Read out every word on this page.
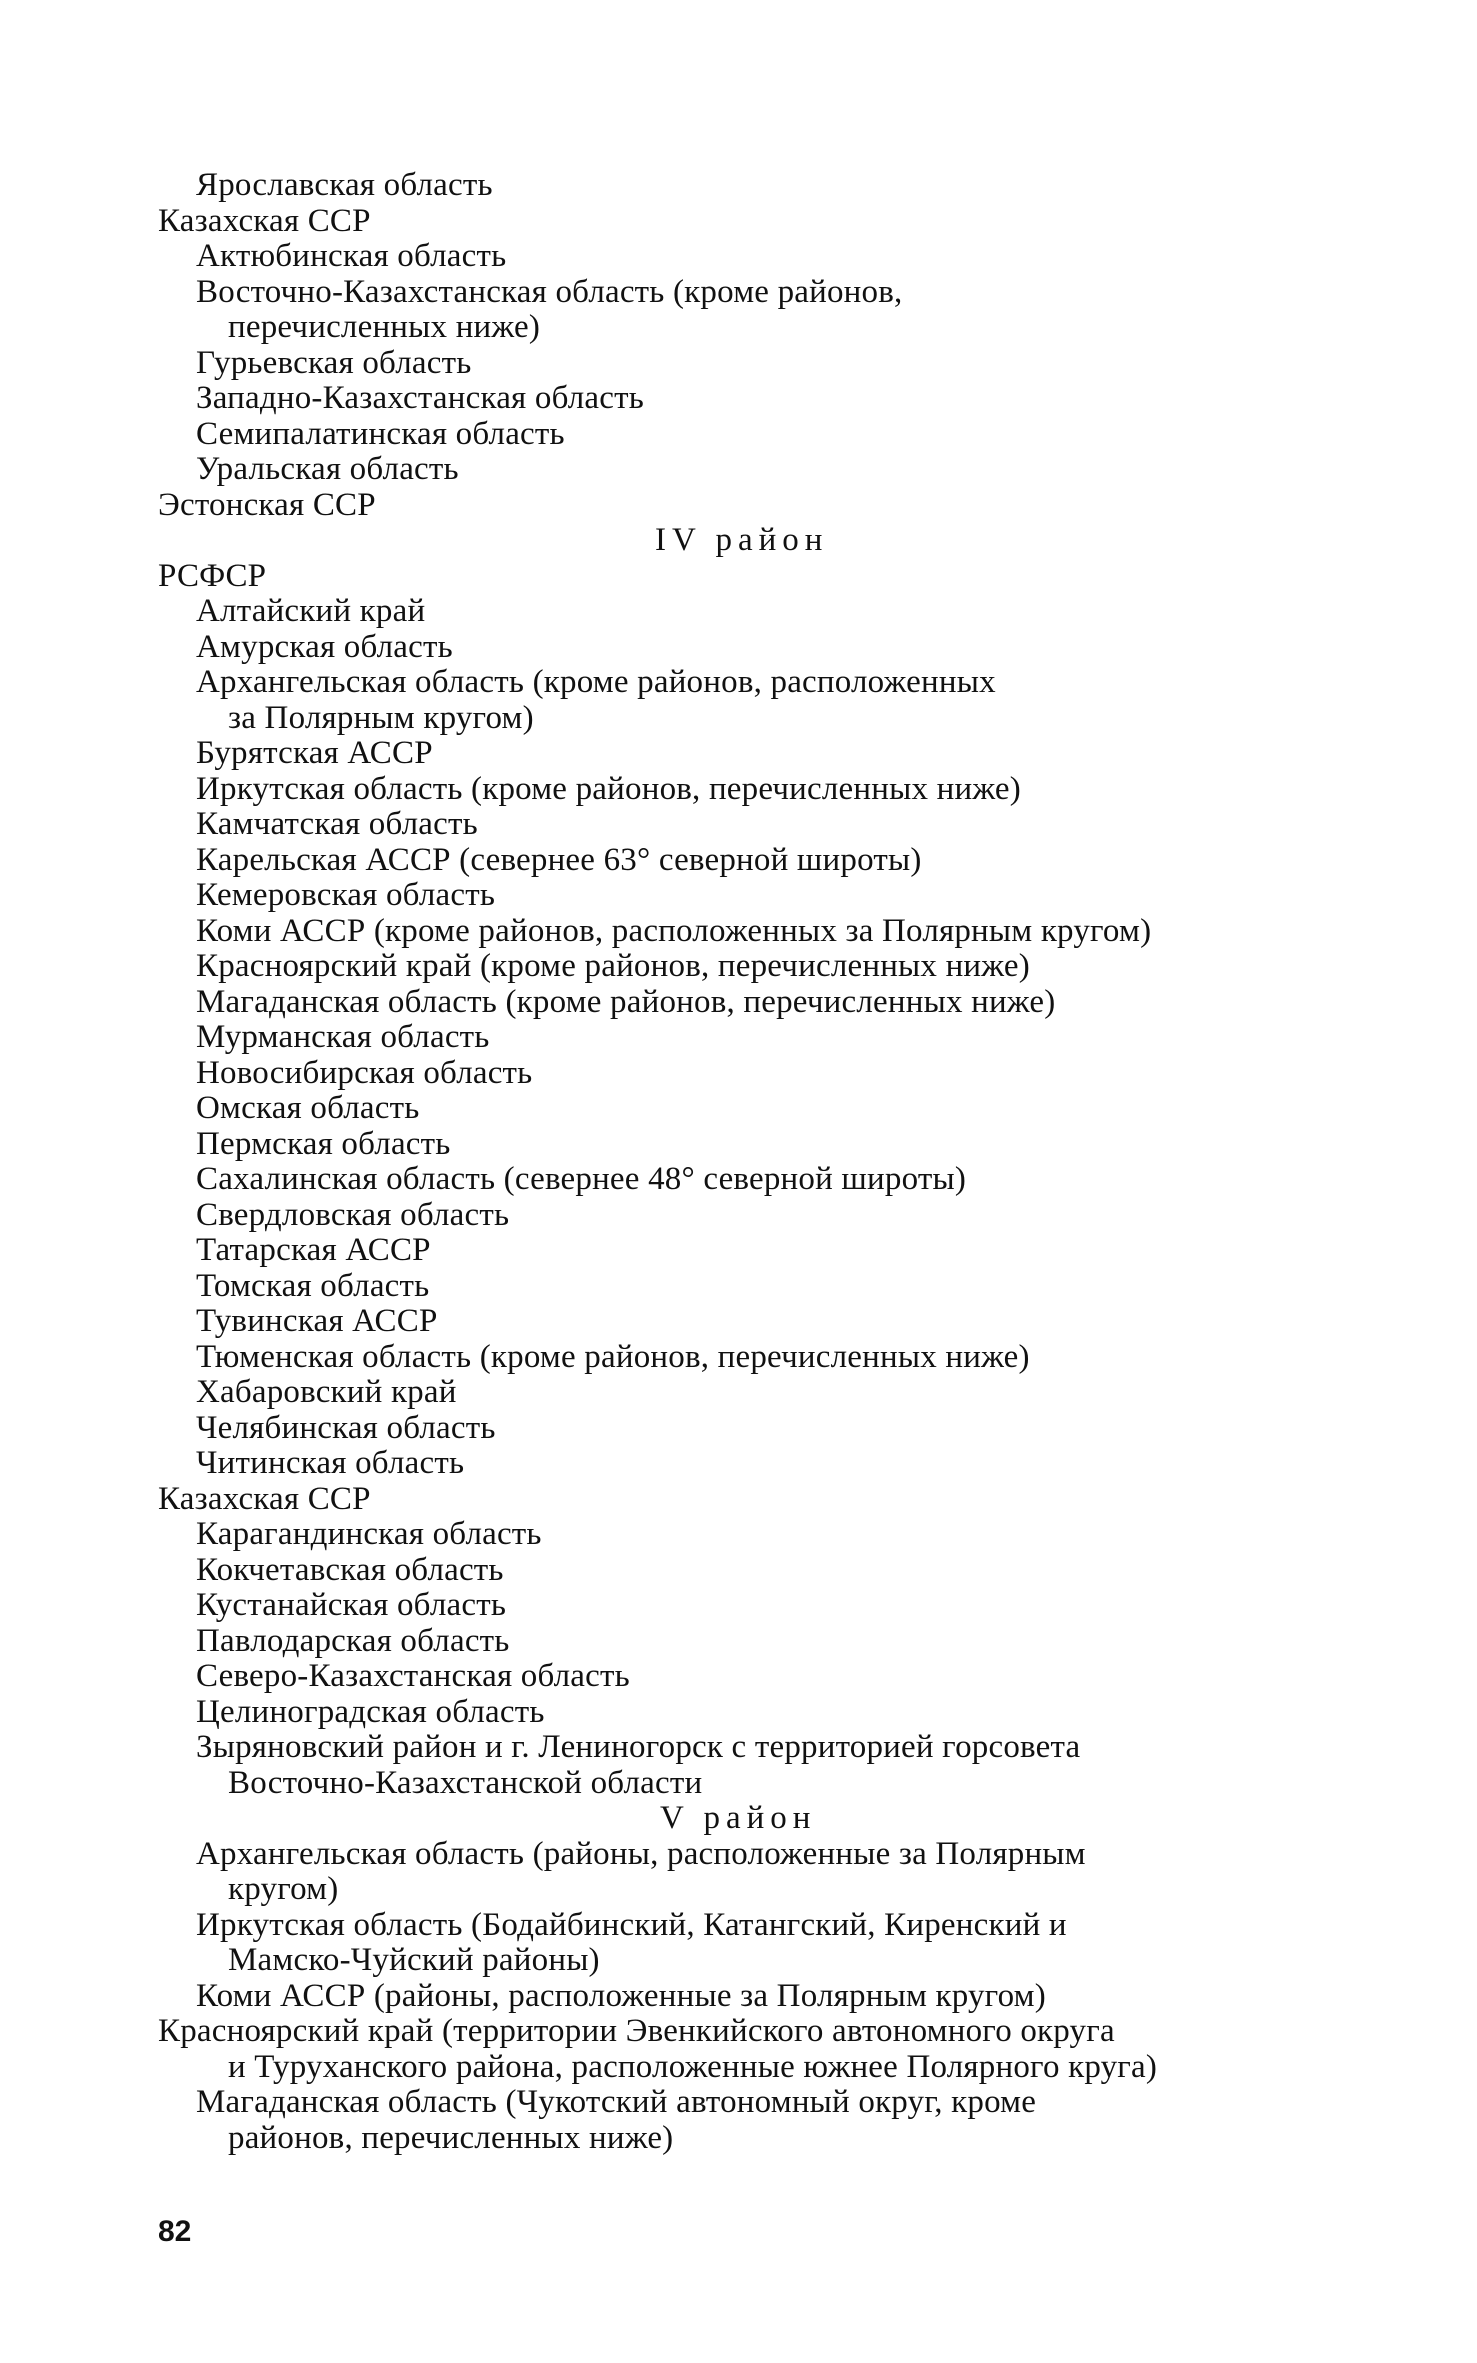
Ярославская область
Казахская ССР
Актюбинская область
Восточно-Казахстанская область (кроме районов,
перечисленных ниже)
Гурьевская область
Западно-Казахстанская область
Семипалатинская область
Уральская область
Эстонская ССР
IV район
РСФСР
Алтайский край
Амурская область
Архангельская область (кроме районов, расположенных
за Полярным кругом)
Бурятская АССР
Иркутская область (кроме районов, перечисленных ниже)
Камчатская область
Карельская АССР (севернее 63° северной широты)
Кемеровская область
Коми АССР (кроме районов, расположенных за Полярным кругом)
Красноярский край (кроме районов, перечисленных ниже)
Магаданская область (кроме районов, перечисленных ниже)
Мурманская область
Новосибирская область
Омская область
Пермская область
Сахалинская область (севернее 48° северной широты)
Свердловская область
Татарская АССР
Томская область
Тувинская АССР
Тюменская область (кроме районов, перечисленных ниже)
Хабаровский край
Челябинская область
Читинская область
Казахская ССР
Карагандинская область
Кокчетавская область
Кустанайская область
Павлодарская область
Северо-Казахстанская область
Целиноградская область
Зыряновский район и г. Лениногорск с территорией горсовета
Восточно-Казахстанской области
V район
Архангельская область (районы, расположенные за Полярным
кругом)
Иркутская область (Бодайбинский, Катангский, Киренский и
Мамско-Чуйский районы)
Коми АССР (районы, расположенные за Полярным кругом)
Красноярский край (территории Эвенкийского автономного округа
и Туруханского района, расположенные южнее Полярного круга)
Магаданская область (Чукотский автономный округ, кроме
районов, перечисленных ниже)
82
